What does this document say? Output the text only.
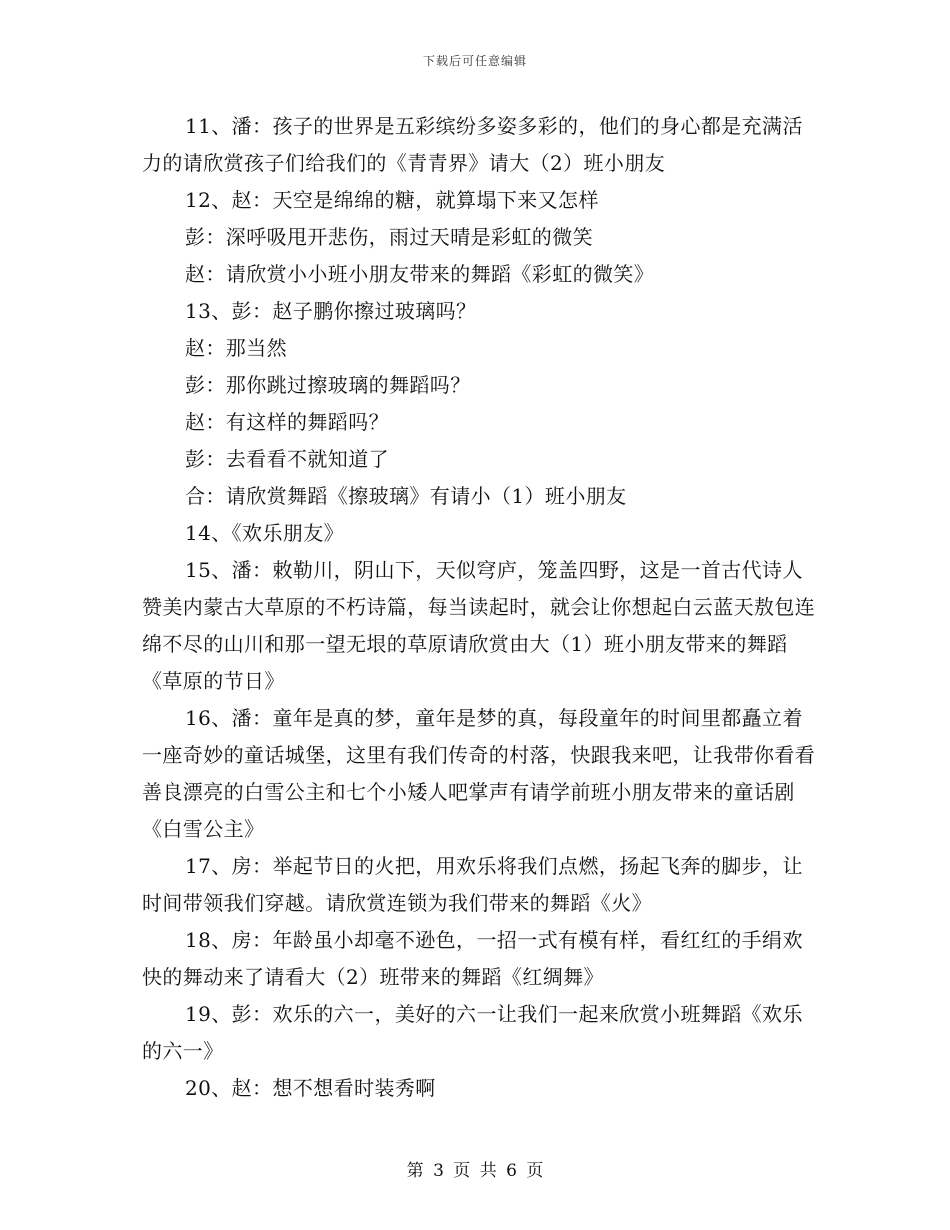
下载后可任意编辑

11、潘：孩子的世界是五彩缤纷多姿多彩的，他们的身心都是充满活力的请欣赏孩子们给我们的《青青界》请大（2）班小朋友

12、赵：天空是绵绵的糖，就算塌下来又怎样

彭：深呼吸甩开悲伤，雨过天晴是彩虹的微笑

赵：请欣赏小小班小朋友带来的舞蹈《彩虹的微笑》

13、彭：赵子鹏你擦过玻璃吗？

赵：那当然

彭：那你跳过擦玻璃的舞蹈吗？

赵：有这样的舞蹈吗？

彭：去看看不就知道了

合：请欣赏舞蹈《擦玻璃》有请小（1）班小朋友

14、《欢乐朋友》

15、潘：敕勒川，阴山下，天似穹庐，笼盖四野，这是一首古代诗人赞美内蒙古大草原的不朽诗篇，每当读起时，就会让你想起白云蓝天敖包连绵不尽的山川和那一望无垠的草原请欣赏由大（1）班小朋友带来的舞蹈《草原的节日》

16、潘：童年是真的梦，童年是梦的真，每段童年的时间里都矗立着一座奇妙的童话城堡，这里有我们传奇的村落，快跟我来吧，让我带你看看善良漂亮的白雪公主和七个小矮人吧掌声有请学前班小朋友带来的童话剧《白雪公主》

17、房：举起节日的火把，用欢乐将我们点燃，扬起飞奔的脚步，让时间带领我们穿越。请欣赏连锁为我们带来的舞蹈《火》

18、房：年龄虽小却毫不逊色，一招一式有模有样，看红红的手绢欢快的舞动来了请看大（2）班带来的舞蹈《红绸舞》

19、彭：欢乐的六一，美好的六一让我们一起来欣赏小班舞蹈《欢乐的六一》

20、赵：想不想看时装秀啊

第 3 页 共 6 页
